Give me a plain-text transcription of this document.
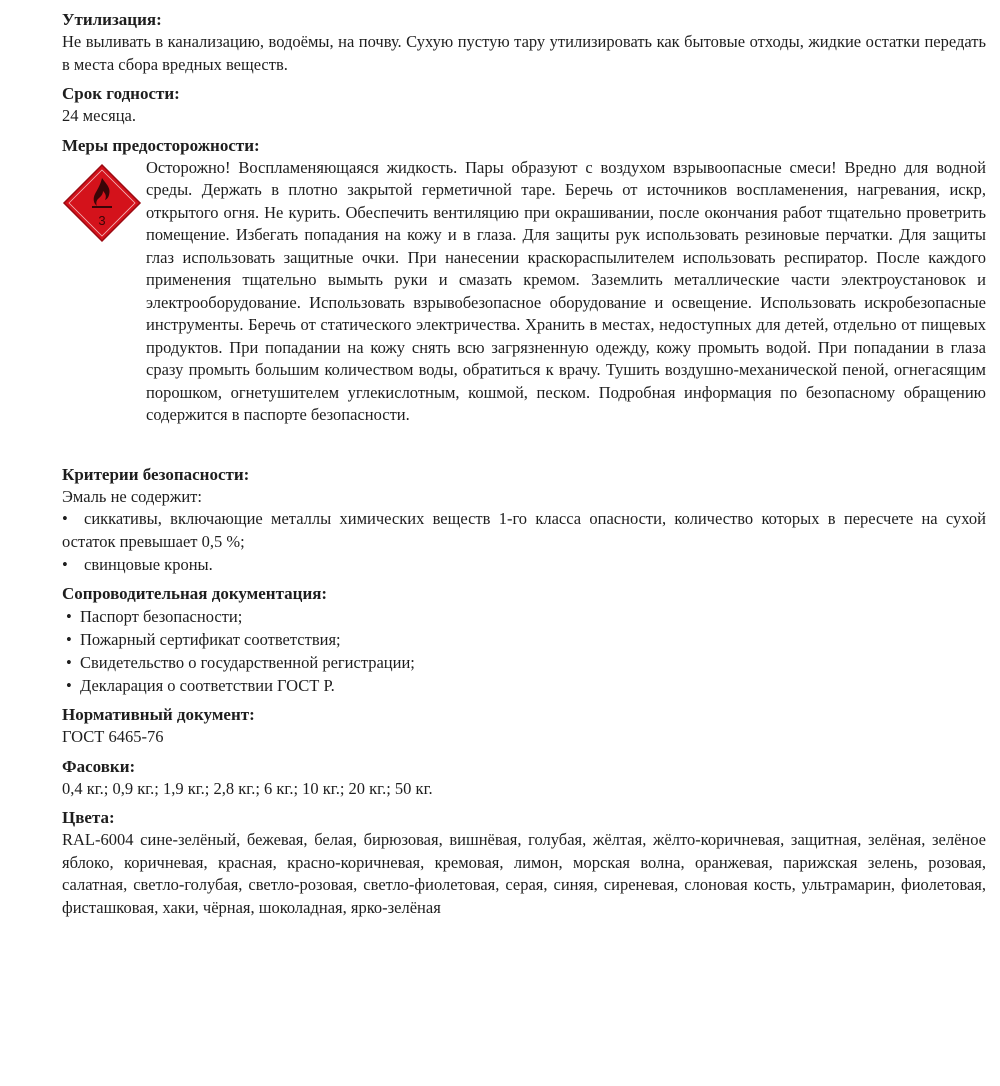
Утилизация:

Не выливать в канализацию, водоёмы, на почву. Сухую пустую тару утилизировать как бытовые отходы, жидкие остатки передать в места сбора вредных веществ.

Срок годности:

24 месяца.

Меры предосторожности:
3

Осторожно! Воспламеняющаяся жидкость. Пары образуют с воздухом взрывоопасные смеси! Вредно для водной среды. Держать в плотно закрытой герметичной таре. Беречь от источников воспламенения, нагревания, искр, открытого огня. Не курить. Обеспечить вентиляцию при окрашивании, после окончания работ тщательно проветрить помещение. Избегать попадания на кожу и в глаза. Для защиты рук использовать резиновые перчатки. Для защиты глаз использовать защитные очки. При нанесении краскораспылителем использовать респиратор. После каждого применения тщательно вымыть руки и смазать кремом. Заземлить металлические части электроустановок и электрооборудование. Использовать взрывобезопасное оборудование и освещение. Использовать искробезопасные инструменты. Беречь от статического электричества. Хранить в местах, недоступных для детей, отдельно от пищевых продуктов. При попадании на кожу снять всю загрязненную одежду, кожу промыть водой. При попадании в глаза сразу промыть большим количеством воды, обратиться к врачу. Тушить воздушно-механической пеной, огнегасящим порошком, огнетушителем углекислотным, кошмой, песком. Подробная информация по безопасному обращению содержится в паспорте безопасности.

Критерии безопасности:

Эмаль не содержит:

• сиккативы, включающие металлы химических веществ 1-го класса опасности, количество которых в пересчете на сухой остаток превышает 0,5 %;

• свинцовые кроны.

Сопроводительная документация:

• Паспорт безопасности;

• Пожарный сертификат соответствия;

• Свидетельство о государственной регистрации;

• Декларация о соответствии ГОСТ Р.

Нормативный документ:

ГОСТ 6465-76

Фасовки:

0,4 кг.; 0,9 кг.; 1,9 кг.; 2,8 кг.; 6 кг.; 10 кг.; 20 кг.; 50 кг.

Цвета:

RAL-6004 сине-зелёный, бежевая, белая, бирюзовая, вишнёвая, голубая, жёлтая, жёлто-коричневая, защитная, зелёная, зелёное яблоко, коричневая, красная, красно-коричневая, кремовая, лимон, морская волна, оранжевая, парижская зелень, розовая, салатная, светло-голубая, светло-розовая, светло-фиолетовая, серая, синяя, сиреневая, слоновая кость, ультрамарин, фиолетовая, фисташковая, хаки, чёрная, шоколадная, ярко-зелёная
